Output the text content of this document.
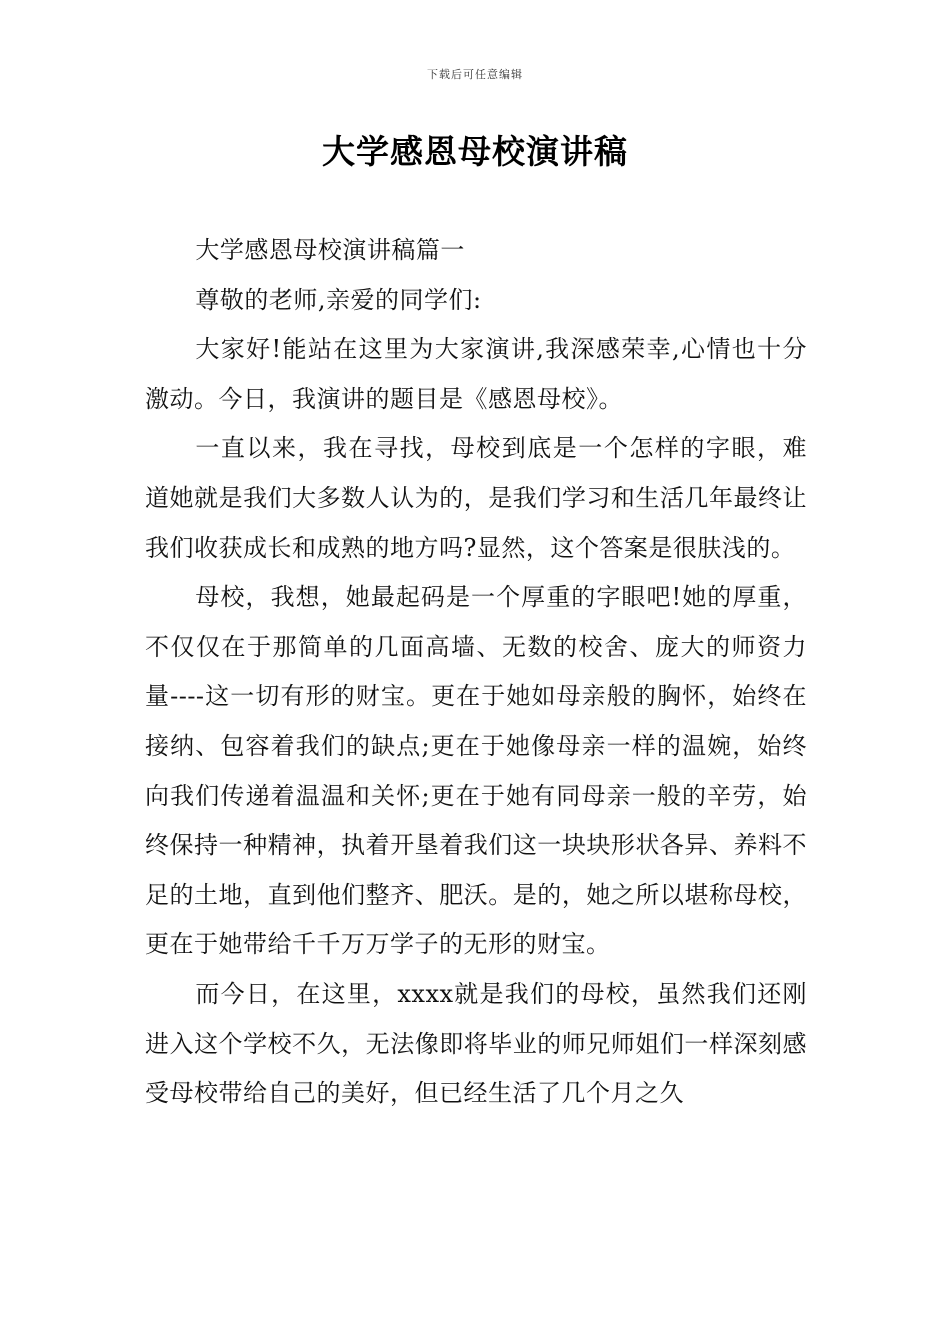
下载后可任意编辑
大学感恩母校演讲稿

大学感恩母校演讲稿篇一

尊敬的老师,亲爱的同学们:

大家好!能站在这里为大家演讲,我深感荣幸,心情也十分激动。今日，我演讲的题目是《感恩母校》。

一直以来，我在寻找，母校到底是一个怎样的字眼，难道她就是我们大多数人认为的，是我们学习和生活几年最终让我们收获成长和成熟的地方吗?显然，这个答案是很肤浅的。

母校，我想，她最起码是一个厚重的字眼吧!她的厚重，不仅仅在于那简单的几面高墙、无数的校舍、庞大的师资力量----这一切有形的财宝。更在于她如母亲般的胸怀，始终在接纳、包容着我们的缺点;更在于她像母亲一样的温婉，始终向我们传递着温温和关怀;更在于她有同母亲一般的辛劳，始终保持一种精神，执着开垦着我们这一块块形状各异、养料不足的土地，直到他们整齐、肥沃。是的，她之所以堪称母校，更在于她带给千千万万学子的无形的财宝。

而今日，在这里，xxxx就是我们的母校，虽然我们还刚进入这个学校不久，无法像即将毕业的师兄师姐们一样深刻感受母校带给自己的美好，但已经生活了几个月之久
